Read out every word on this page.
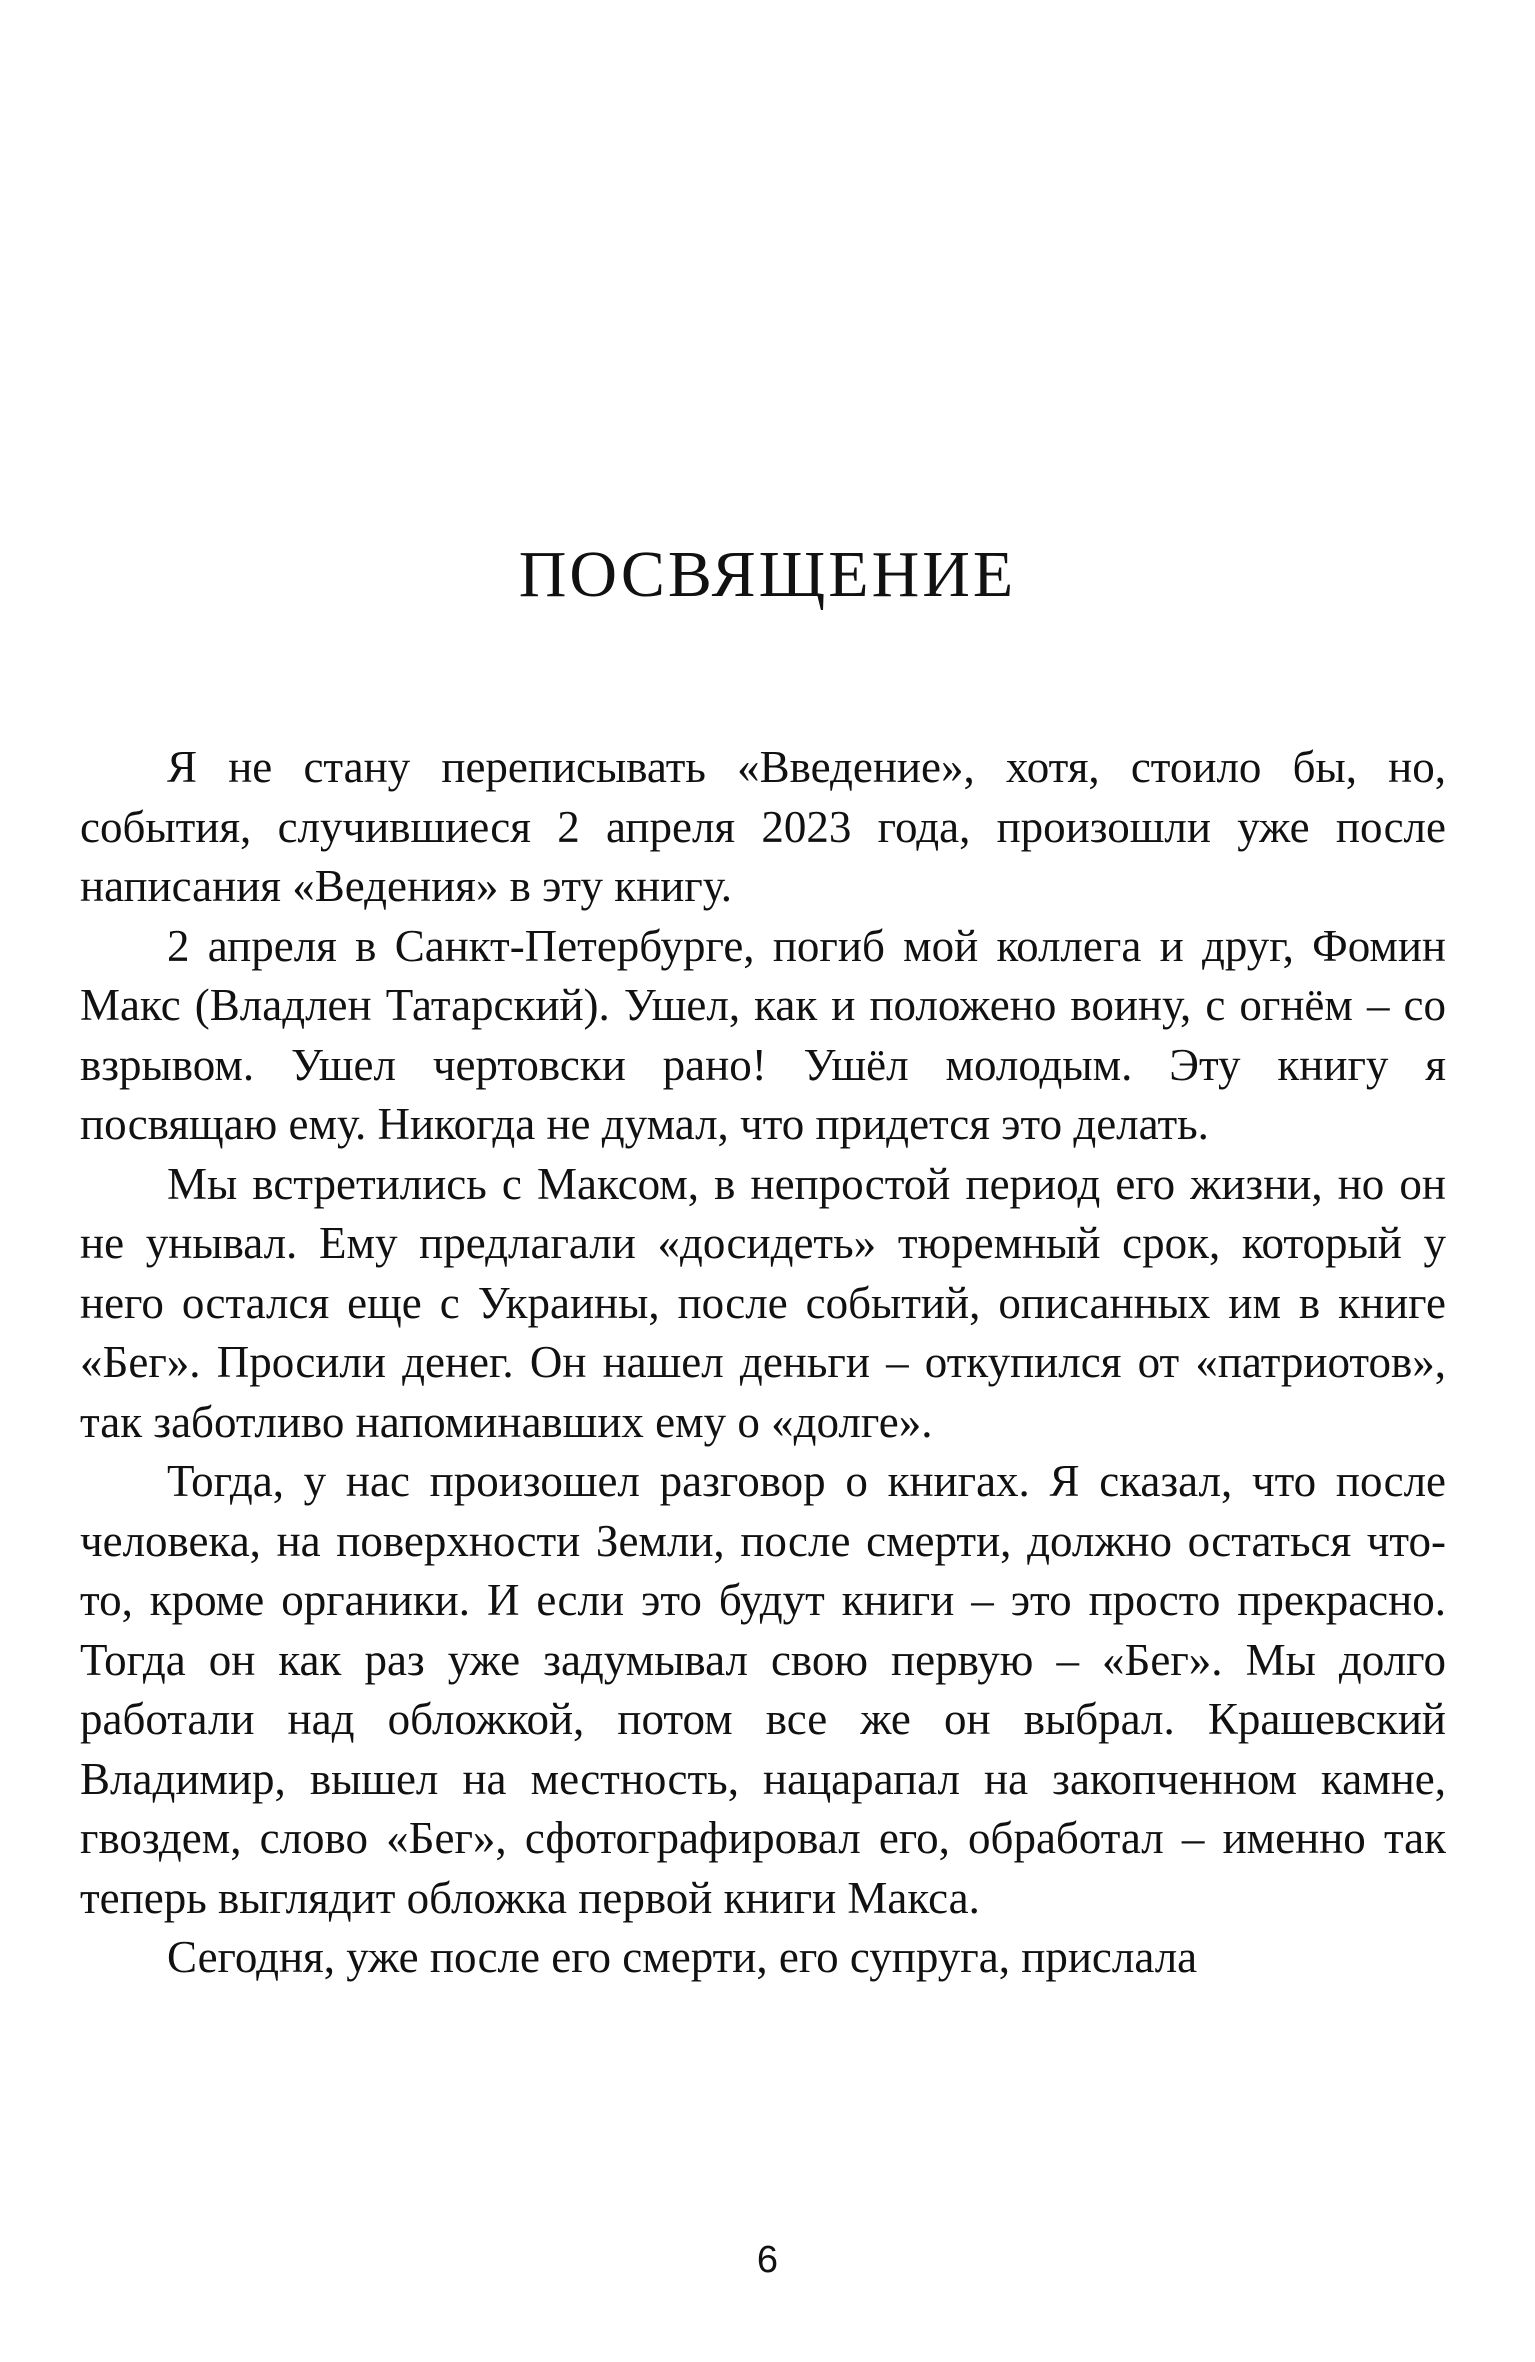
ПОСВЯЩЕНИЕ

Я не стану переписывать «Введение», хотя, стоило бы, но, события, случившиеся 2 апреля 2023 года, произошли уже после написания «Ведения» в эту книгу.

2 апреля в Санкт-Петербурге, погиб мой коллега и друг, Фомин Макс (Владлен Татарский). Ушел, как и положено воину, с огнём – со взрывом. Ушел чертовски рано! Ушёл молодым. Эту книгу я посвящаю ему. Никогда не думал, что придется это делать.

Мы встретились с Максом, в непростой период его жизни, но он не унывал. Ему предлагали «досидеть» тюремный срок, который у него остался еще с Украины, после событий, описанных им в книге «Бег». Просили денег. Он нашел деньги – откупился от «патриотов», так заботливо напоминавших ему о «долге».

Тогда, у нас произошел разговор о книгах. Я сказал, что после человека, на поверхности Земли, после смерти, должно остаться что-то, кроме органики. И если это будут книги – это просто прекрасно. Тогда он как раз уже задумывал свою первую – «Бег». Мы долго работали над обложкой, потом все же он выбрал. Крашевский Владимир, вышел на местность, нацарапал на закопченном камне, гвоздем, слово «Бег», сфотографировал его, обработал – именно так теперь выглядит обложка первой книги Макса.

Сегодня, уже после его смерти, его супруга, прислала

6
